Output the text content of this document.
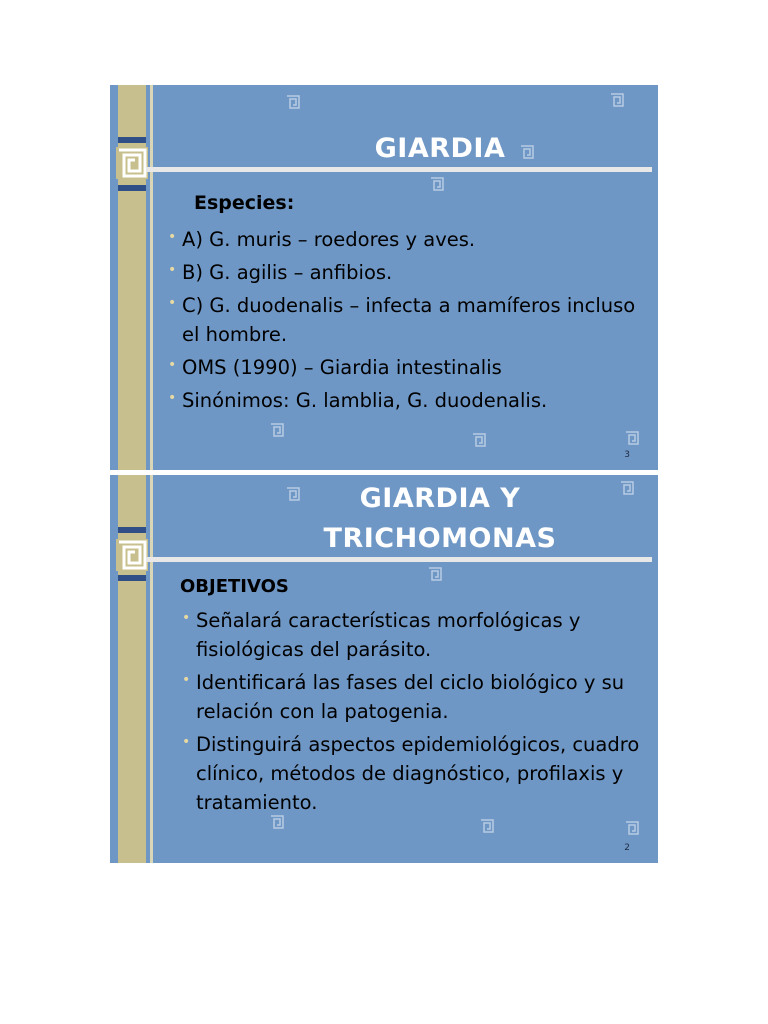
GIARDIA
Especies:
• A) G. muris – roedores y aves.
• B) G. agilis – anfibios.
• C) G. duodenalis – infecta a mamíferos incluso el hombre.
• OMS (1990) – Giardia intestinalis
• Sinónimos: G. lamblia, G. duodenalis.
3
GIARDIA Y TRICHOMONAS
OBJETIVOS
• Señalará características morfológicas y fisiológicas del parásito.
• Identificará las fases del ciclo biológico y su relación con la patogenia.
• Distinguirá aspectos epidemiológicos, cuadro clínico, métodos de diagnóstico, profilaxis y tratamiento.
2
